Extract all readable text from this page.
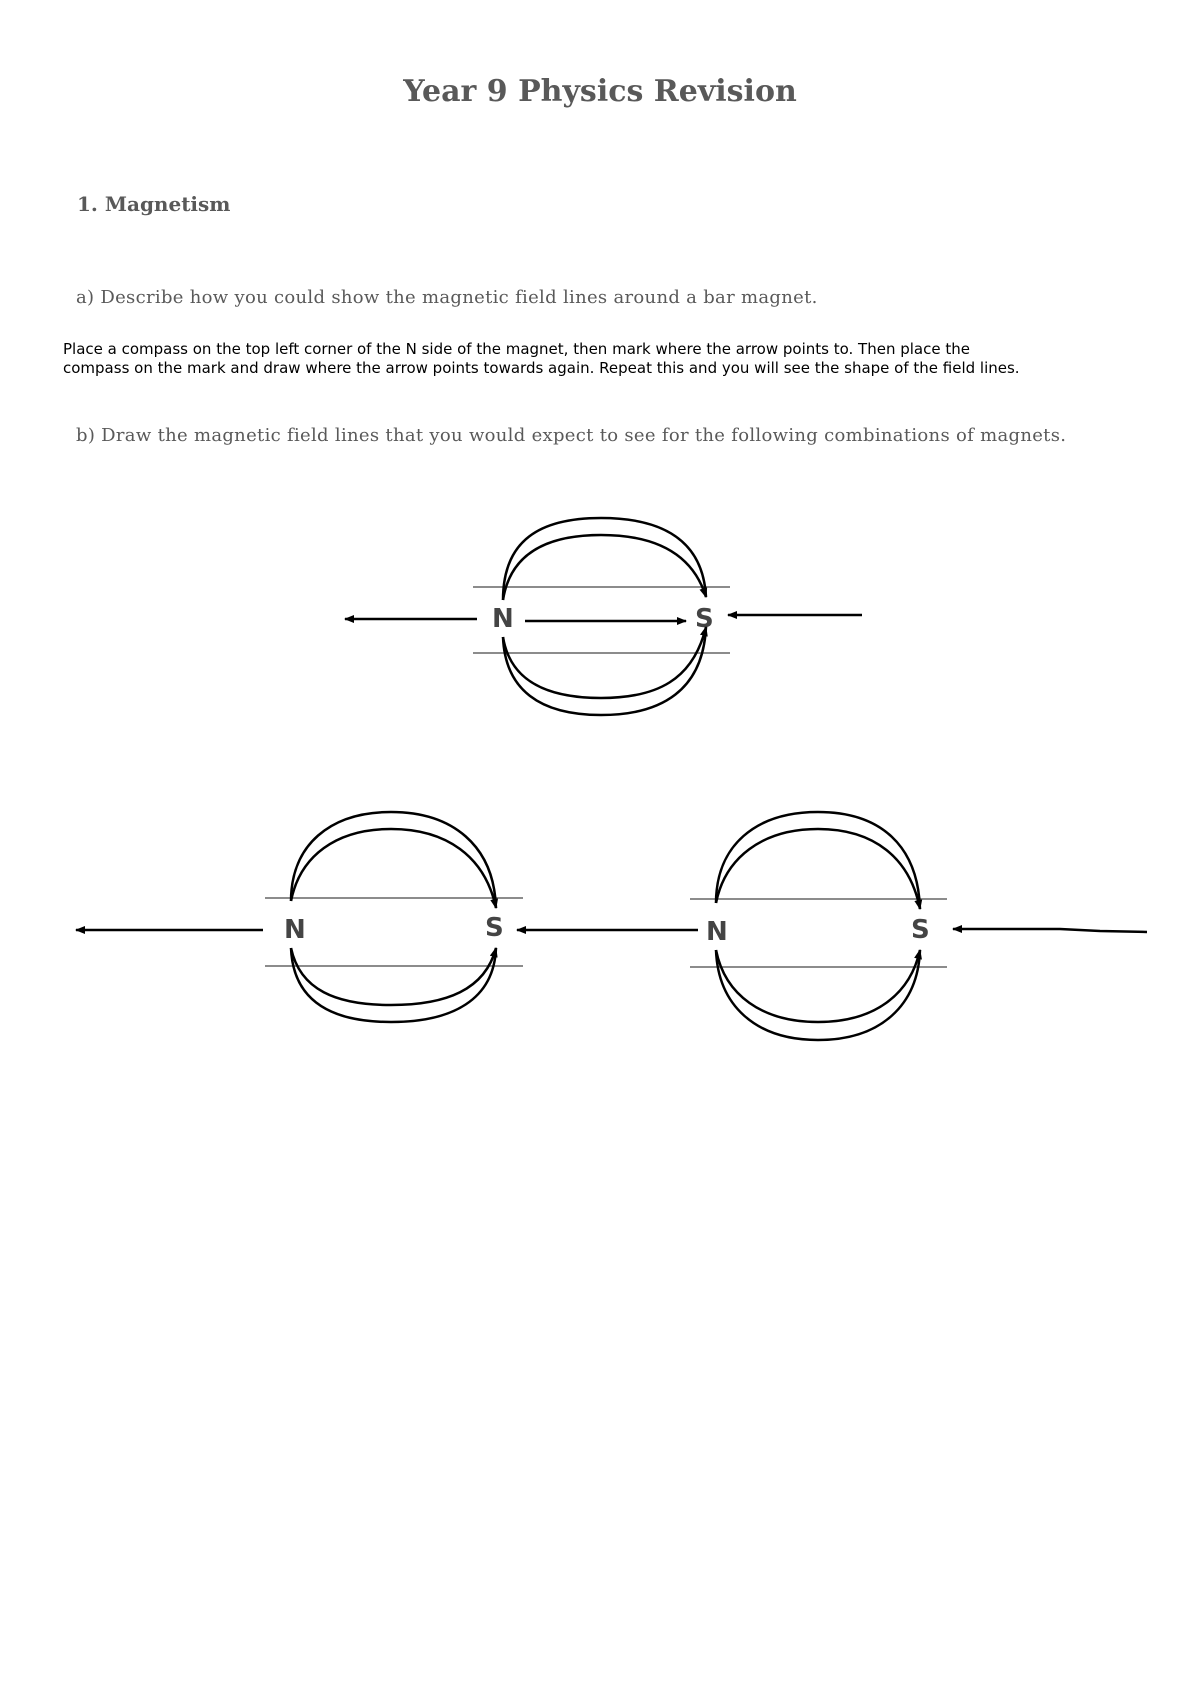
Year 9 Physics Revision
1. Magnetism
a) Describe how you could show the magnetic field lines around a bar magnet.
Place a compass on the top left corner of the N side of the magnet, then mark where the arrow points to. Then place the
compass on the mark and draw where the arrow points towards again. Repeat this and you will see the shape of the field lines.
b) Draw the magnetic field lines that you would expect to see for the following combinations of magnets.
N	S
N	S	N	S
